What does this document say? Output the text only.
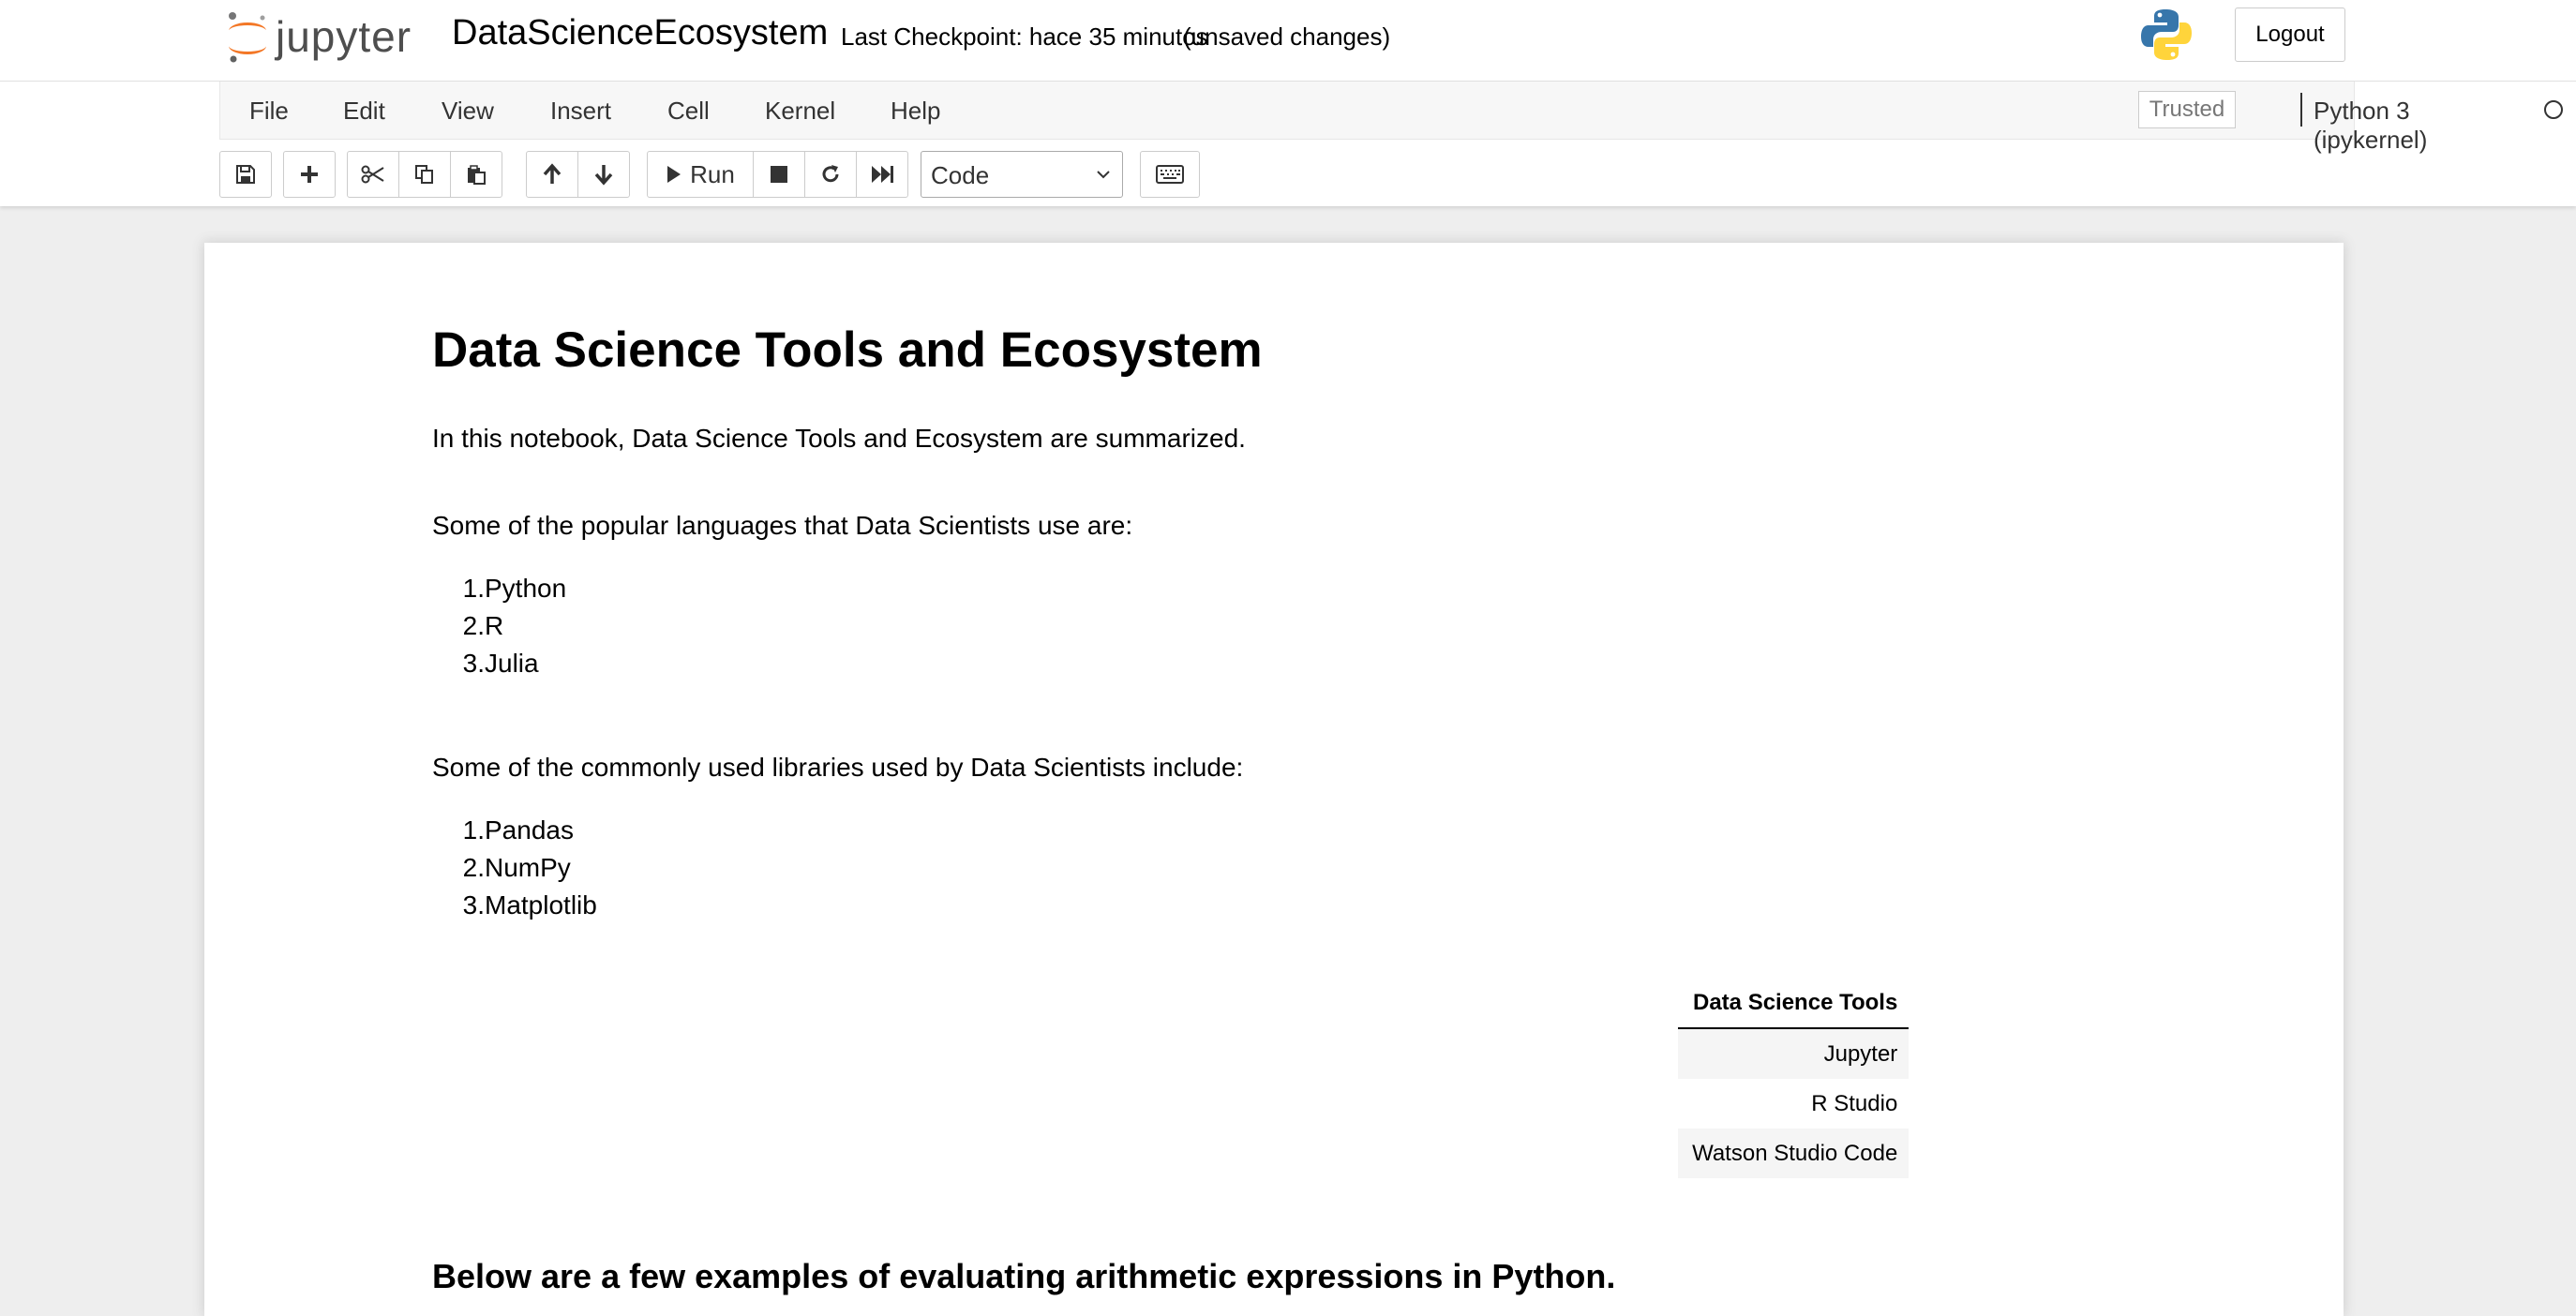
jupyter DataScienceEcosystem Last Checkpoint: hace 35 minutos
(unsaved changes)	Logout
File Edit View Insert Cell Kernel Help	Trusted	Python 3 (ipykernel)
Run	Code
Data Science Tools and Ecosystem

In this notebook, Data Science Tools and Ecosystem are summarized.

Some of the popular languages that Data Scientists use are:

1.Python
2.R
3.Julia

Some of the commonly used libraries used by Data Scientists include:

1.Pandas
2.NumPy
3.Matplotlib
Data Science Tools
Jupyter
R Studio
Watson Studio Code
Below are a few examples of evaluating arithmetic expressions in Python.
